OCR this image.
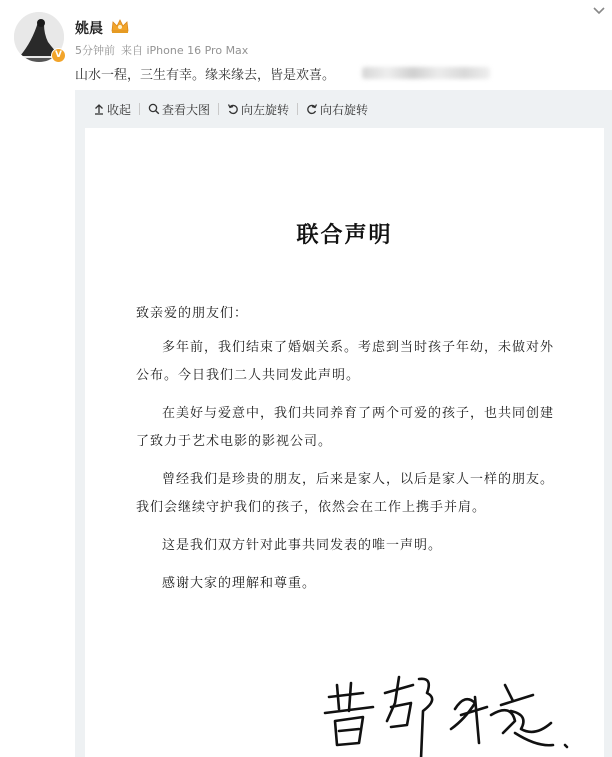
V
姚晨
5分钟前 来自 iPhone 16 Pro Max
山水一程，三生有幸。缘来缘去，皆是欢喜。
收起	查看大图	向左旋转	向右旋转
联合声明

致亲爱的朋友们：

多年前，我们结束了婚姻关系。考虑到当时孩子年幼，未做对外公布。今日我们二人共同发此声明。

在美好与爱意中，我们共同养育了两个可爱的孩子，也共同创建了致力于艺术电影的影视公司。

曾经我们是珍贵的朋友，后来是家人，以后是家人一样的朋友。我们会继续守护我们的孩子，依然会在工作上携手并肩。

这是我们双方针对此事共同发表的唯一声明。

感谢大家的理解和尊重。
